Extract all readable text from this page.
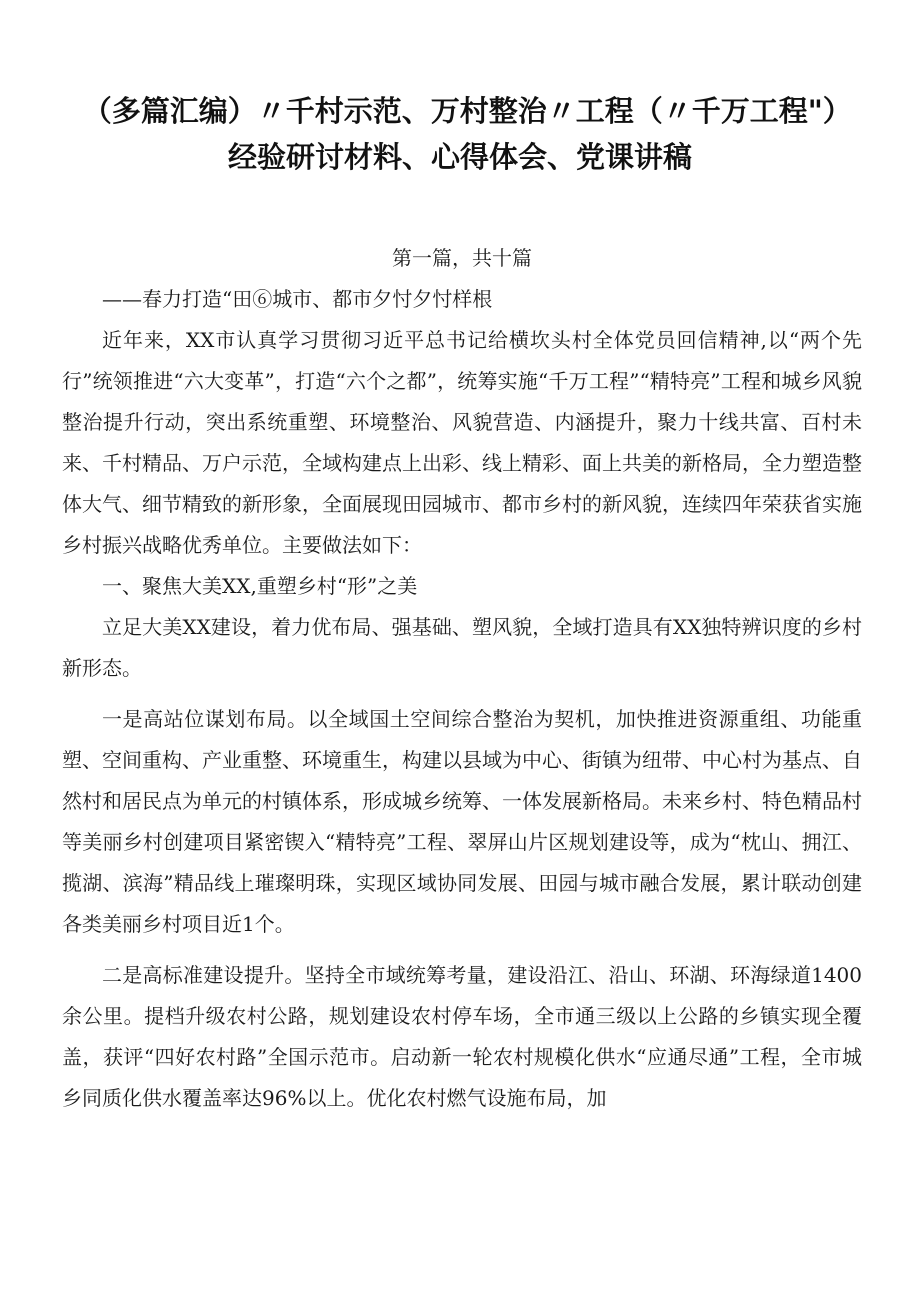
（多篇汇编）〃千村示范、万村整治〃工程（〃千万工程"）经验研讨材料、心得体会、党课讲稿

第一篇，共十篇

——春力打造“田⑥城市、都市夕忖夕忖样根

近年来，XX市认真学习贯彻习近平总书记给横坎头村全体党员回信精神,以“两个先行”统领推进“六大变革”，打造“六个之都”，统筹实施“千万工程”“精特亮”工程和城乡风貌整治提升行动，突出系统重塑、环境整治、风貌营造、内涵提升，聚力十线共富、百村未来、千村精品、万户示范，全域构建点上出彩、线上精彩、面上共美的新格局，全力塑造整体大气、细节精致的新形象，全面展现田园城市、都市乡村的新风貌，连续四年荣获省实施乡村振兴战略优秀单位。主要做法如下：

一、聚焦大美XX,重塑乡村“形”之美

立足大美XX建设，着力优布局、强基础、塑风貌，全域打造具有XX独特辨识度的乡村新形态。

一是高站位谋划布局。以全域国土空间综合整治为契机，加快推进资源重组、功能重塑、空间重构、产业重整、环境重生，构建以县域为中心、街镇为纽带、中心村为基点、自然村和居民点为单元的村镇体系，形成城乡统筹、一体发展新格局。未来乡村、特色精品村等美丽乡村创建项目紧密锲入“精特亮”工程、翠屏山片区规划建设等，成为“枕山、拥江、揽湖、滨海”精品线上璀璨明珠，实现区域协同发展、田园与城市融合发展，累计联动创建各类美丽乡村项目近1个。

二是高标准建设提升。坚持全市域统筹考量，建设沿江、沿山、环湖、环海绿道1400余公里。提档升级农村公路，规划建设农村停车场，全市通三级以上公路的乡镇实现全覆盖，获评“四好农村路”全国示范市。启动新一轮农村规模化供水“应通尽通”工程，全市城乡同质化供水覆盖率达96%以上。优化农村燃气设施布局，加
